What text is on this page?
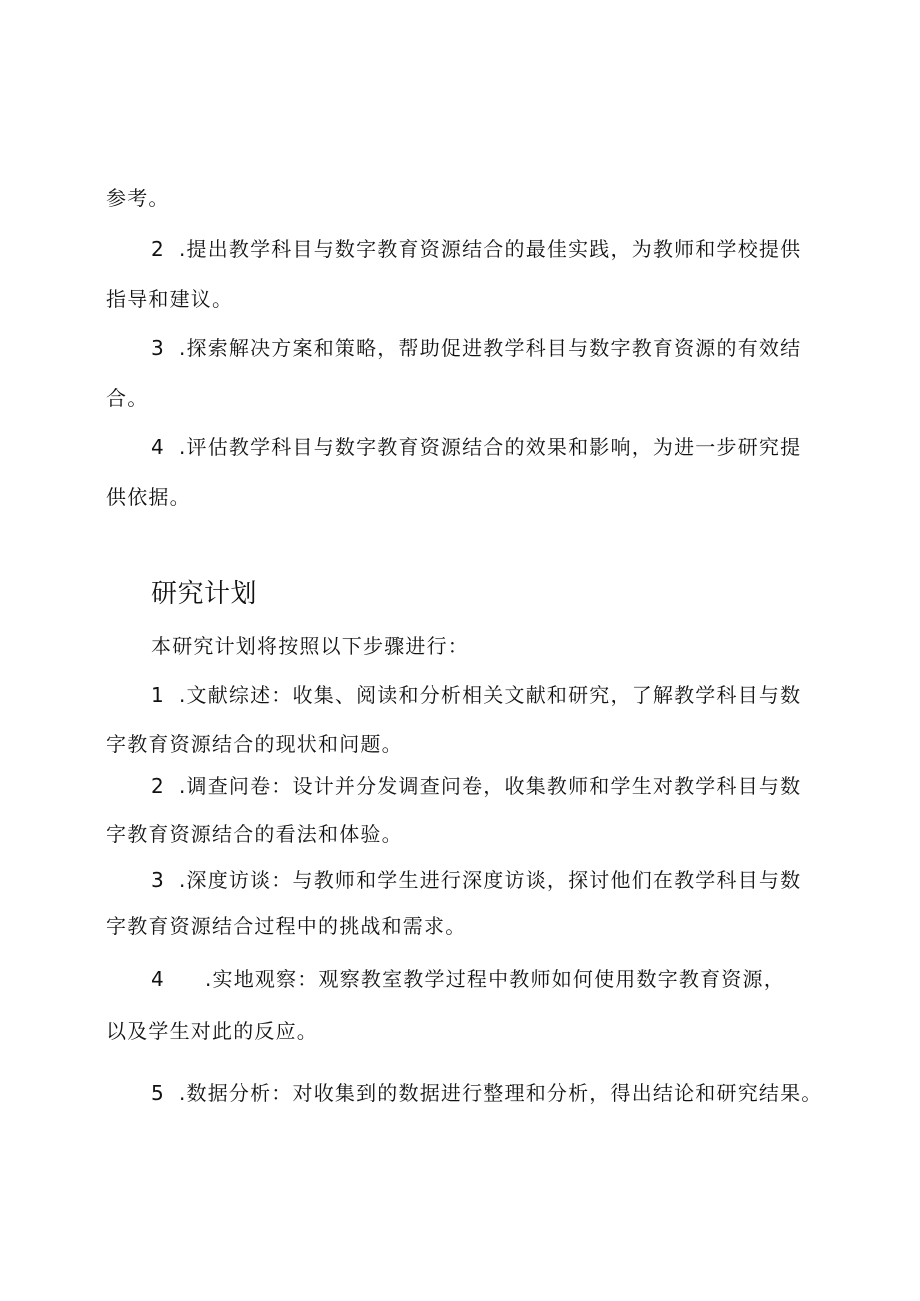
参考。
2 .提出教学科目与数字教育资源结合的最佳实践，为教师和学校提供
指导和建议。
3 .探索解决方案和策略，帮助促进教学科目与数字教育资源的有效结
合。
4 .评估教学科目与数字教育资源结合的效果和影响，为进一步研究提
供依据。
研究计划
本研究计划将按照以下步骤进行：
1 .文献综述：收集、阅读和分析相关文献和研究，了解教学科目与数
字教育资源结合的现状和问题。
2 .调查问卷：设计并分发调查问卷，收集教师和学生对教学科目与数
字教育资源结合的看法和体验。
3 .深度访谈：与教师和学生进行深度访谈，探讨他们在教学科目与数
字教育资源结合过程中的挑战和需求。
4 .实地观察：观察教室教学过程中教师如何使用数字教育资源，
以及学生对此的反应。
5 .数据分析：对收集到的数据进行整理和分析，得出结论和研究结果。
